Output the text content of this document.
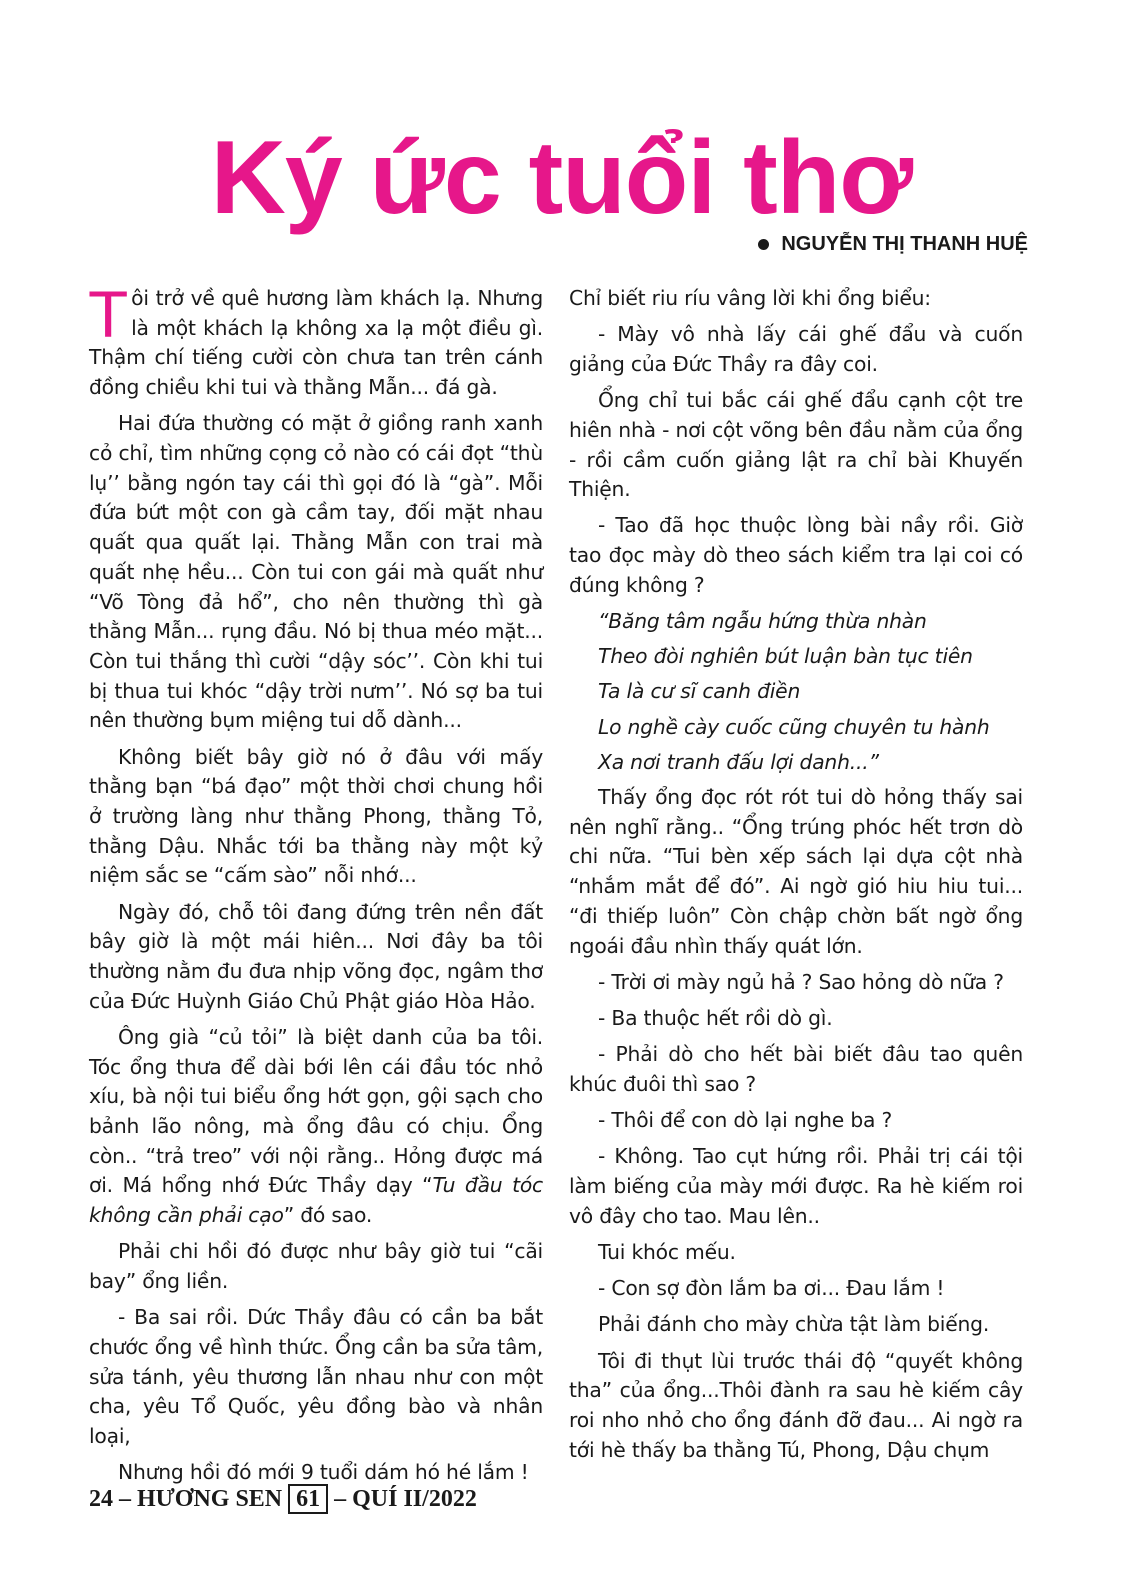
Ký ức tuổi thơ
NGUYỄN THỊ THANH HUỆ

Tôi trở về quê hương làm khách lạ. Nhưng là một khách lạ không xa lạ một điều gì. Thậm chí tiếng cười còn chưa tan trên cánh đồng chiều khi tui và thằng Mẫn... đá gà.

Hai đứa thường có mặt ở giồng ranh xanh cỏ chỉ, tìm những cọng cỏ nào có cái đọt “thù lụ’’ bằng ngón tay cái thì gọi đó là “gà”. Mỗi đứa bứt một con gà cầm tay, đối mặt nhau quất qua quất lại. Thằng Mẫn con trai mà quất nhẹ hều... Còn tui con gái mà quất như “Võ Tòng đả hổ”, cho nên thường thì gà thằng Mẫn... rụng đầu. Nó bị thua méo mặt... Còn tui thắng thì cười “dậy sóc’’. Còn khi tui bị thua tui khóc “dậy trời nưm’’. Nó sợ ba tui nên thường bụm miệng tui dỗ dành...

Không biết bây giờ nó ở đâu với mấy thằng bạn “bá đạo” một thời chơi chung hồi ở trường làng như thằng Phong, thằng Tỏ, thằng Dậu. Nhắc tới ba thằng này một kỷ niệm sắc se “cấm sào” nỗi nhớ...

Ngày đó, chỗ tôi đang đứng trên nền đất bây giờ là một mái hiên... Nơi đây ba tôi thường nằm đu đưa nhịp võng đọc, ngâm thơ của Đức Huỳnh Giáo Chủ Phật giáo Hòa Hảo.

Ông già “củ tỏi” là biệt danh của ba tôi. Tóc ổng thưa để dài bới lên cái đầu tóc nhỏ xíu, bà nội tui biểu ổng hớt gọn, gội sạch cho bảnh lão nông, mà ổng đâu có chịu. Ổng còn.. “trả treo” với nội rằng.. Hỏng được má ơi. Má hổng nhớ Đức Thầy dạy “Tu đầu tóc không cần phải cạo” đó sao.

Phải chi hồi đó được như bây giờ tui “cãi bay” ổng liền.

- Ba sai rồi. Dức Thầy đâu có cần ba bắt chước ổng về hình thức. Ổng cần ba sửa tâm, sửa tánh, yêu thương lẫn nhau như con một cha, yêu Tổ Quốc, yêu đồng bào và nhân loại,

Nhưng hồi đó mới 9 tuổi dám hó hé lắm !

Chỉ biết riu ríu vâng lời khi ổng biểu:

- Mày vô nhà lấy cái ghế đẩu và cuốn giảng của Đức Thầy ra đây coi.

Ổng chỉ tui bắc cái ghế đẩu cạnh cột tre hiên nhà - nơi cột võng bên đầu nằm của ổng - rồi cầm cuốn giảng lật ra chỉ bài Khuyến Thiện.

- Tao đã học thuộc lòng bài nầy rồi. Giờ tao đọc mày dò theo sách kiểm tra lại coi có đúng không ?

“Băng tâm ngẫu hứng thừa nhàn

Theo đòi nghiên bút luận bàn tục tiên

Ta là cư sĩ canh điền

Lo nghề cày cuốc cũng chuyên tu hành

Xa nơi tranh đấu lợi danh...”

Thấy ổng đọc rót rót tui dò hỏng thấy sai nên nghĩ rằng.. “Ổng trúng phóc hết trơn dò chi nữa. “Tui bèn xếp sách lại dựa cột nhà “nhắm mắt để đó”. Ai ngờ gió hiu hiu tui... “đi thiếp luôn” Còn chập chờn bất ngờ ổng ngoái đầu nhìn thấy quát lớn.

- Trời ơi mày ngủ hả ? Sao hỏng dò nữa ?

- Ba thuộc hết rồi dò gì.

- Phải dò cho hết bài biết đâu tao quên khúc đuôi thì sao ?

- Thôi để con dò lại nghe ba ?

- Không. Tao cụt hứng rồi. Phải trị cái tội làm biếng của mày mới được. Ra hè kiếm roi vô đây cho tao. Mau lên..

Tui khóc mếu.

- Con sợ đòn lắm ba ơi... Đau lắm !

Phải đánh cho mày chừa tật làm biếng.

Tôi đi thụt lùi trước thái độ “quyết không tha” của ổng...Thôi đành ra sau hè kiếm cây roi nho nhỏ cho ổng đánh đỡ đau... Ai ngờ ra tới hè thấy ba thằng Tú, Phong, Dậu chụm

24
–
HƯƠNG SEN 61 –
QUÍ II/2022
